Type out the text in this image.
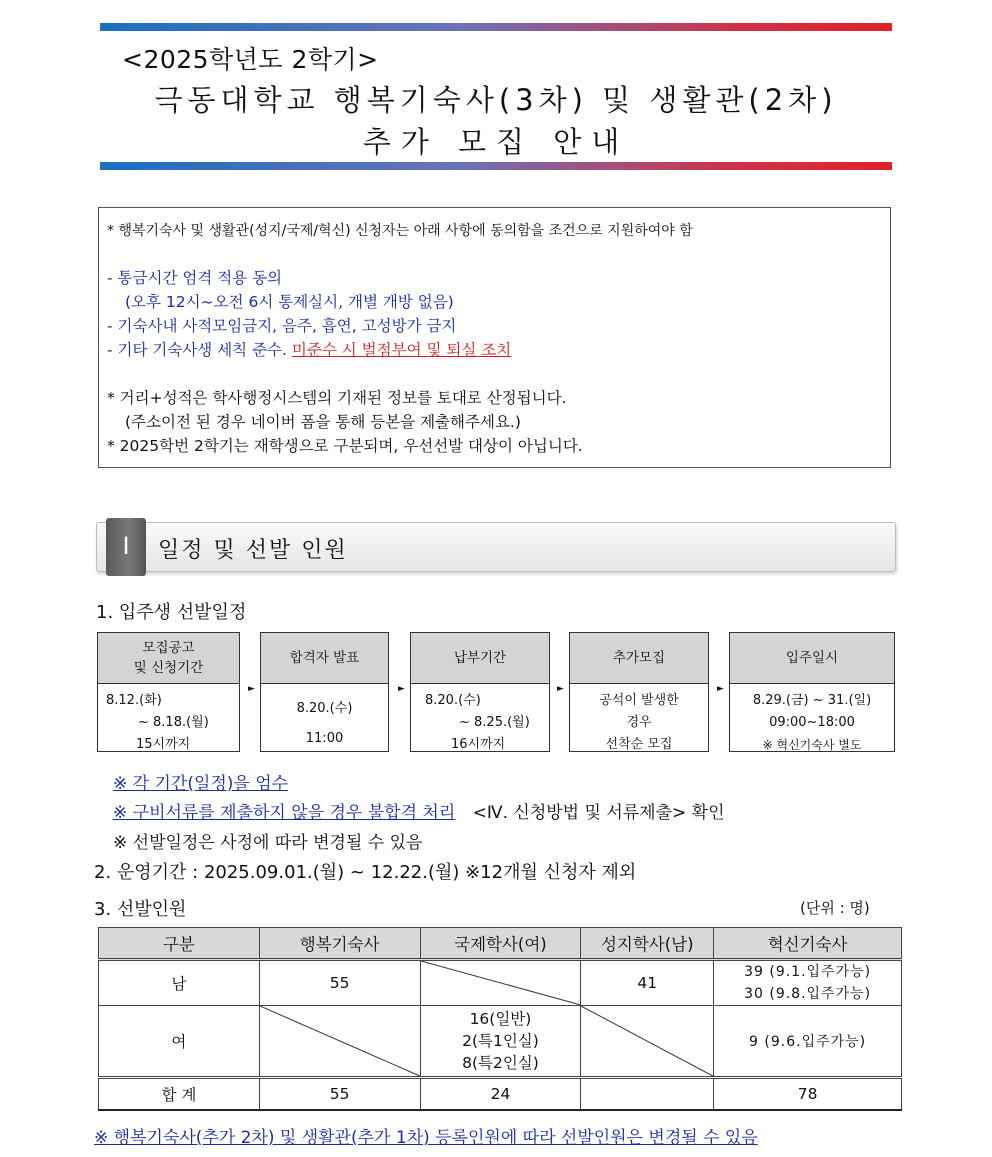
<2025학년도 2학기>
극동대학교 행복기숙사(3차) 및 생활관(2차)
추가 모집 안내
* 행복기숙사 및 생활관(성지/국제/혁신) 신청자는 아래 사항에 동의함을 조건으로 지원하여야 함
- 통금시간 엄격 적용 동의
(오후 12시~오전 6시 통제실시, 개별 개방 없음)
- 기숙사내 사적모임금지, 음주, 흡연, 고성방가 금지
- 기타 기숙사생 세칙 준수. 미준수 시 벌점부여 및 퇴실 조치
* 거리+성적은 학사행정시스템의 기재된 정보를 토대로 산정됩니다.
(주소이전 된 경우 네이버 폼을 통해 등본을 제출해주세요.)
* 2025학번 2학기는 재학생으로 구분되며, 우선선발 대상이 아닙니다.
Ⅰ	일정 및 선발 인원
1. 입주생 선발일정
모집공고
및 신청기간
8.12.(화)
~ 8.18.(월)
15시까지
►
합격자 발표
8.20.(수)
11:00
►
납부기간
8.20.(수)
~ 8.25.(월)
16시까지
►
추가모집
공석이 발생한
경우
선착순 모집
►
입주일시
8.29.(금) ~ 31.(일)
09:00~18:00
※ 혁신기숙사 별도
※ 각 기간(일정)을 엄수
※ 구비서류를 제출하지 않을 경우 불합격 처리 <Ⅳ. 신청방법 및 서류제출> 확인
※ 선발일정은 사정에 따라 변경될 수 있음
2. 운영기간 : 2025.09.01.(월) ~ 12.22.(월) ※12개월 신청자 제외
3. 선발인원	(단위 : 명)
구분	행복기숙사	국제학사(여)	성지학사(남)	혁신기숙사
남	55		41	39 (9.1.입주가능)
30 (9.8.입주가능)

여		16(일반)
2(특1인실)
8(특2인실)		9 (9.6.입주가능)
합 계	55	24		78
※ 행복기숙사(추가 2차) 및 생활관(추가 1차) 등록인원에 따라 선발인원은 변경될 수 있음
